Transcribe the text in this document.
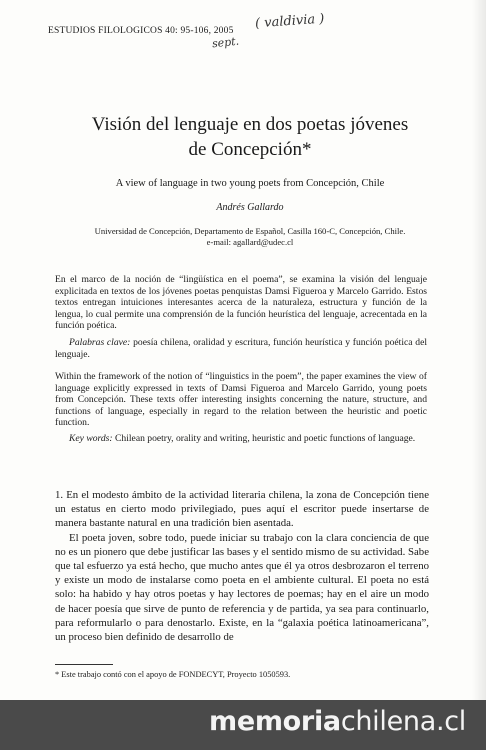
ESTUDIOS FILOLOGICOS 40: 95-106, 2005 ( valdivia )
sept.
Visión del lenguaje en dos poetas jóvenes
de Concepción*
A view of language in two young poets from Concepción, Chile
Andrés Gallardo
Universidad de Concepción, Departamento de Español, Casilla 160-C, Concepción, Chile.
e-mail: agallard@udec.cl

En el marco de la noción de “lingüística en el poema”, se examina la visión del lenguaje explicitada en textos de los jóvenes poetas penquistas Damsi Figueroa y Marcelo Garrido. Estos textos entregan intuiciones interesantes acerca de la naturaleza, estructura y función de la lengua, lo cual permite una comprensión de la función heurística del lenguaje, acrecentada en la función poética.

Palabras clave: poesía chilena, oralidad y escritura, función heurística y función poética del lenguaje.

Within the framework of the notion of “linguistics in the poem”, the paper examines the view of language explicitly expressed in texts of Damsi Figueroa and Marcelo Garrido, young poets from Concepción. These texts offer interesting insights concerning the nature, structure, and functions of language, especially in regard to the relation between the heuristic and poetic function.

Key words: Chilean poetry, orality and writing, heuristic and poetic functions of language.

1. En el modesto ámbito de la actividad literaria chilena, la zona de Concepción tiene un estatus en cierto modo privilegiado, pues aquí el escritor puede insertarse de manera bastante natural en una tradición bien asentada.

El poeta joven, sobre todo, puede iniciar su trabajo con la clara conciencia de que no es un pionero que debe justificar las bases y el sentido mismo de su actividad. Sabe que tal esfuerzo ya está hecho, que mucho antes que él ya otros desbrozaron el terreno y existe un modo de instalarse como poeta en el ambiente cultural. El poeta no está solo: ha habido y hay otros poetas y hay lectores de poemas; hay en el aire un modo de hacer poesía que sirve de punto de referencia y de partida, ya sea para continuarlo, para reformularlo o para denostarlo. Existe, en la “galaxia poética latinoamericana”, un proceso bien definido de desarrollo de

* Este trabajo contó con el apoyo de FONDECYT, Proyecto 1050593.
memoriachilena.cl
